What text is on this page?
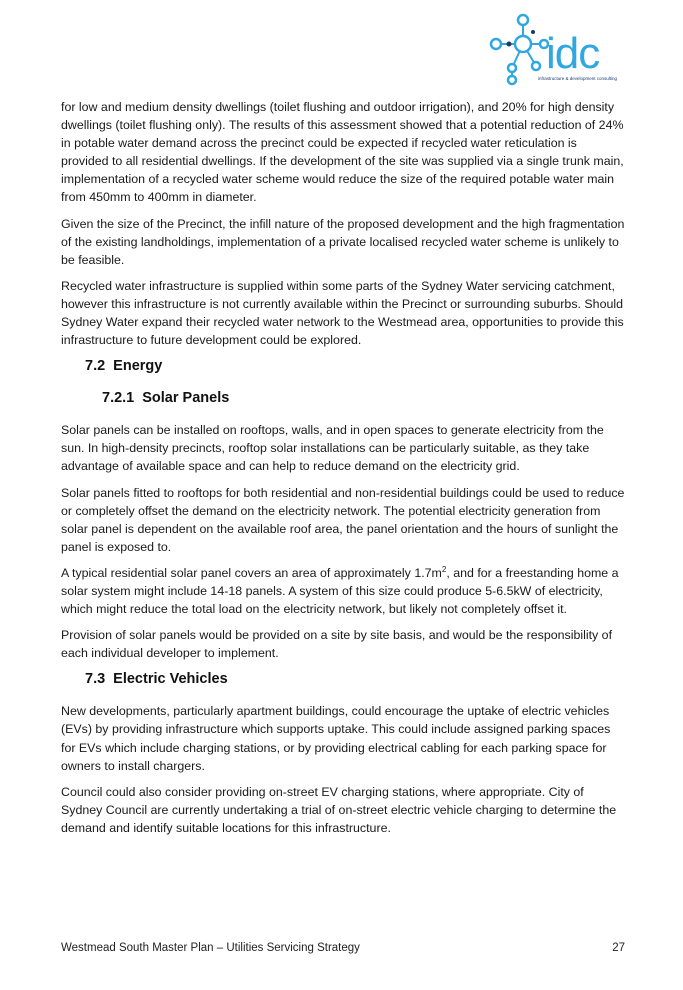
idc
infrastructure & development consulting

for low and medium density dwellings (toilet flushing and outdoor irrigation), and 20% for high density dwellings (toilet flushing only). The results of this assessment showed that a potential reduction of 24% in potable water demand across the precinct could be expected if recycled water reticulation is provided to all residential dwellings. If the development of the site was supplied via a single trunk main, implementation of a recycled water scheme would reduce the size of the required potable water main from 450mm to 400mm in diameter.

Given the size of the Precinct, the infill nature of the proposed development and the high fragmentation of the existing landholdings, implementation of a private localised recycled water scheme is unlikely to be feasible.

Recycled water infrastructure is supplied within some parts of the Sydney Water servicing catchment, however this infrastructure is not currently available within the Precinct or surrounding suburbs. Should Sydney Water expand their recycled water network to the Westmead area, opportunities to provide this infrastructure to future development could be explored.

7.2 Energy
7.2.1 Solar Panels

Solar panels can be installed on rooftops, walls, and in open spaces to generate electricity from the sun. In high-density precincts, rooftop solar installations can be particularly suitable, as they take advantage of available space and can help to reduce demand on the electricity grid.

Solar panels fitted to rooftops for both residential and non-residential buildings could be used to reduce or completely offset the demand on the electricity network. The potential electricity generation from solar panel is dependent on the available roof area, the panel orientation and the hours of sunlight the panel is exposed to.

A typical residential solar panel covers an area of approximately $1.7m^2$, and for a freestanding home a solar system might include 14-18 panels. A system of this size could produce 5-6.5kW of electricity, which might reduce the total load on the electricity network, but likely not completely offset it.

Provision of solar panels would be provided on a site by site basis, and would be the responsibility of each individual developer to implement.

7.3 Electric Vehicles

New developments, particularly apartment buildings, could encourage the uptake of electric vehicles (EVs) by providing infrastructure which supports uptake. This could include assigned parking spaces for EVs which include charging stations, or by providing electrical cabling for each parking space for owners to install chargers.

Council could also consider providing on-street EV charging stations, where appropriate. City of Sydney Council are currently undertaking a trial of on-street electric vehicle charging to determine the demand and identify suitable locations for this infrastructure.

Westmead South Master Plan – Utilities Servicing Strategy	27
